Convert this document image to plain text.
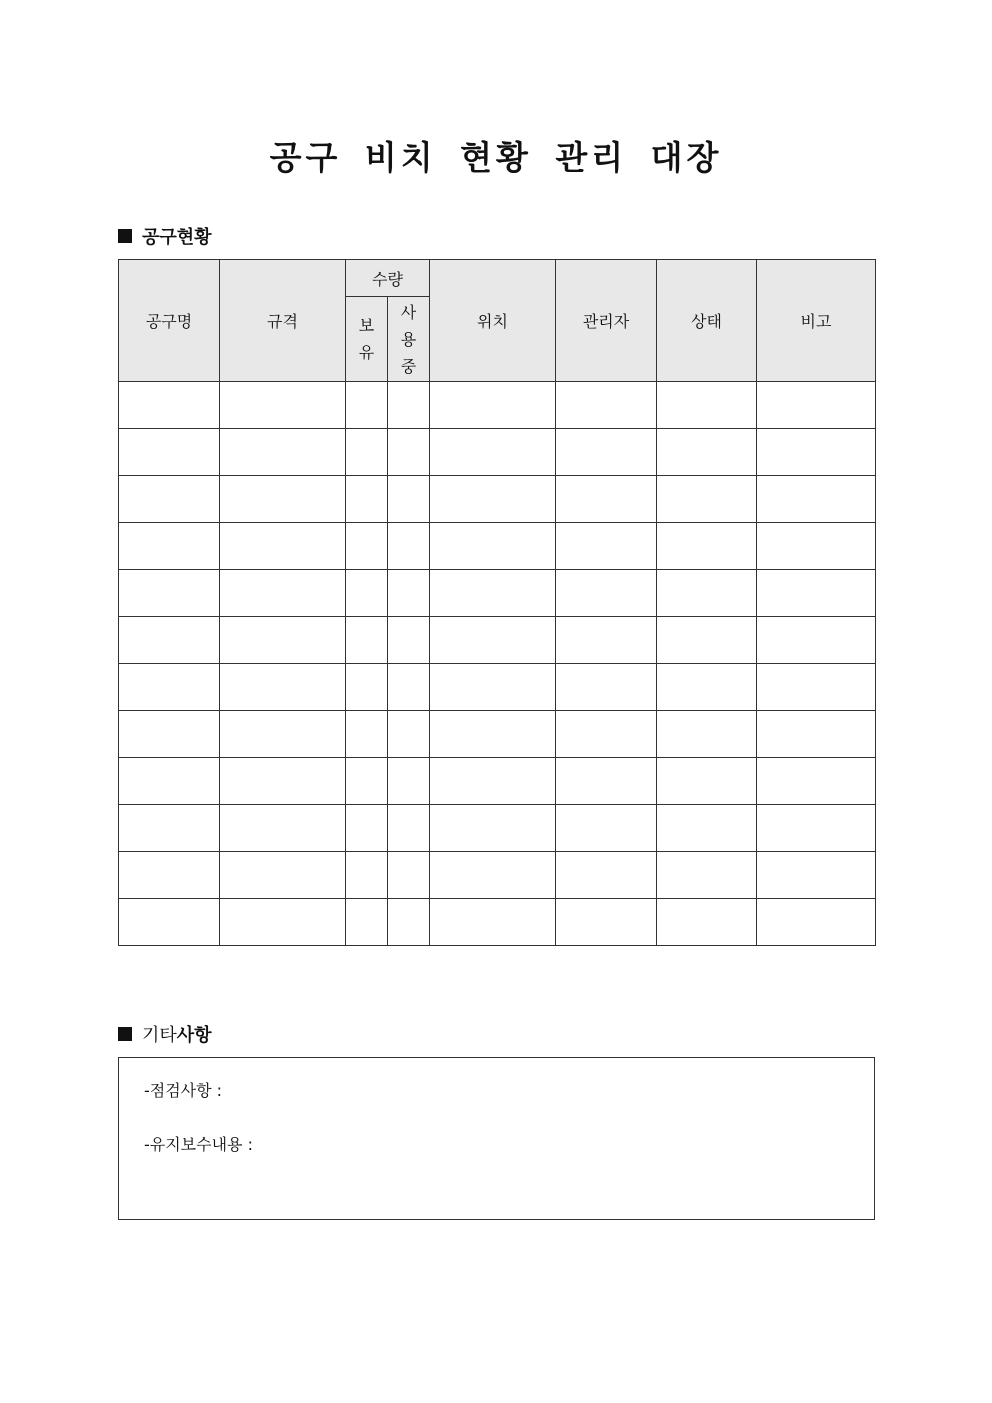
공구 비치 현황 관리 대장
공구현황
공구명	규격	수량		위치	관리자	상태	비고
		보유	사용중				

기타 사항
-점검사항 :
-유지보수내용 :
